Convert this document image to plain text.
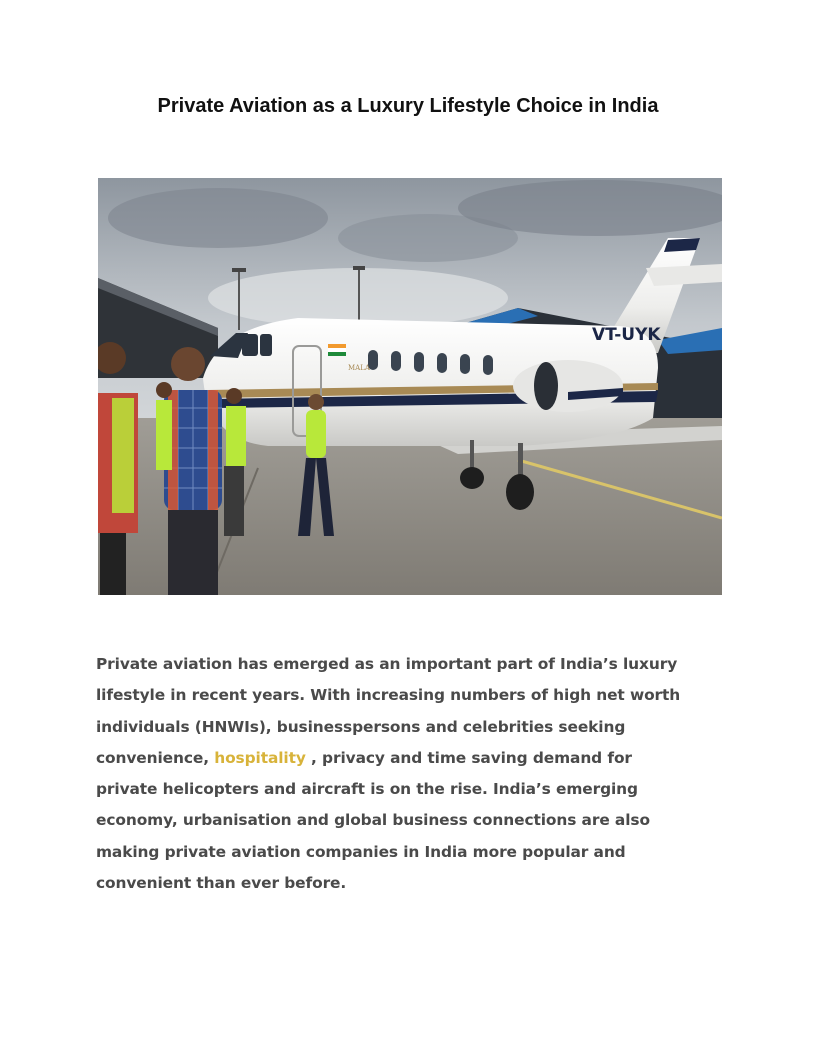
Private Aviation as a Luxury Lifestyle Choice in India
MALA
VT-UYK

Private aviation has emerged as an important part of India’s luxury lifestyle in recent years. With increasing numbers of high net worth individuals (HNWIs), businesspersons and celebrities seeking convenience, hospitality , privacy and time saving demand for private helicopters and aircraft is on the rise. India’s emerging economy, urbanisation and global business connections are also making private aviation companies in India more popular and convenient than ever before.
